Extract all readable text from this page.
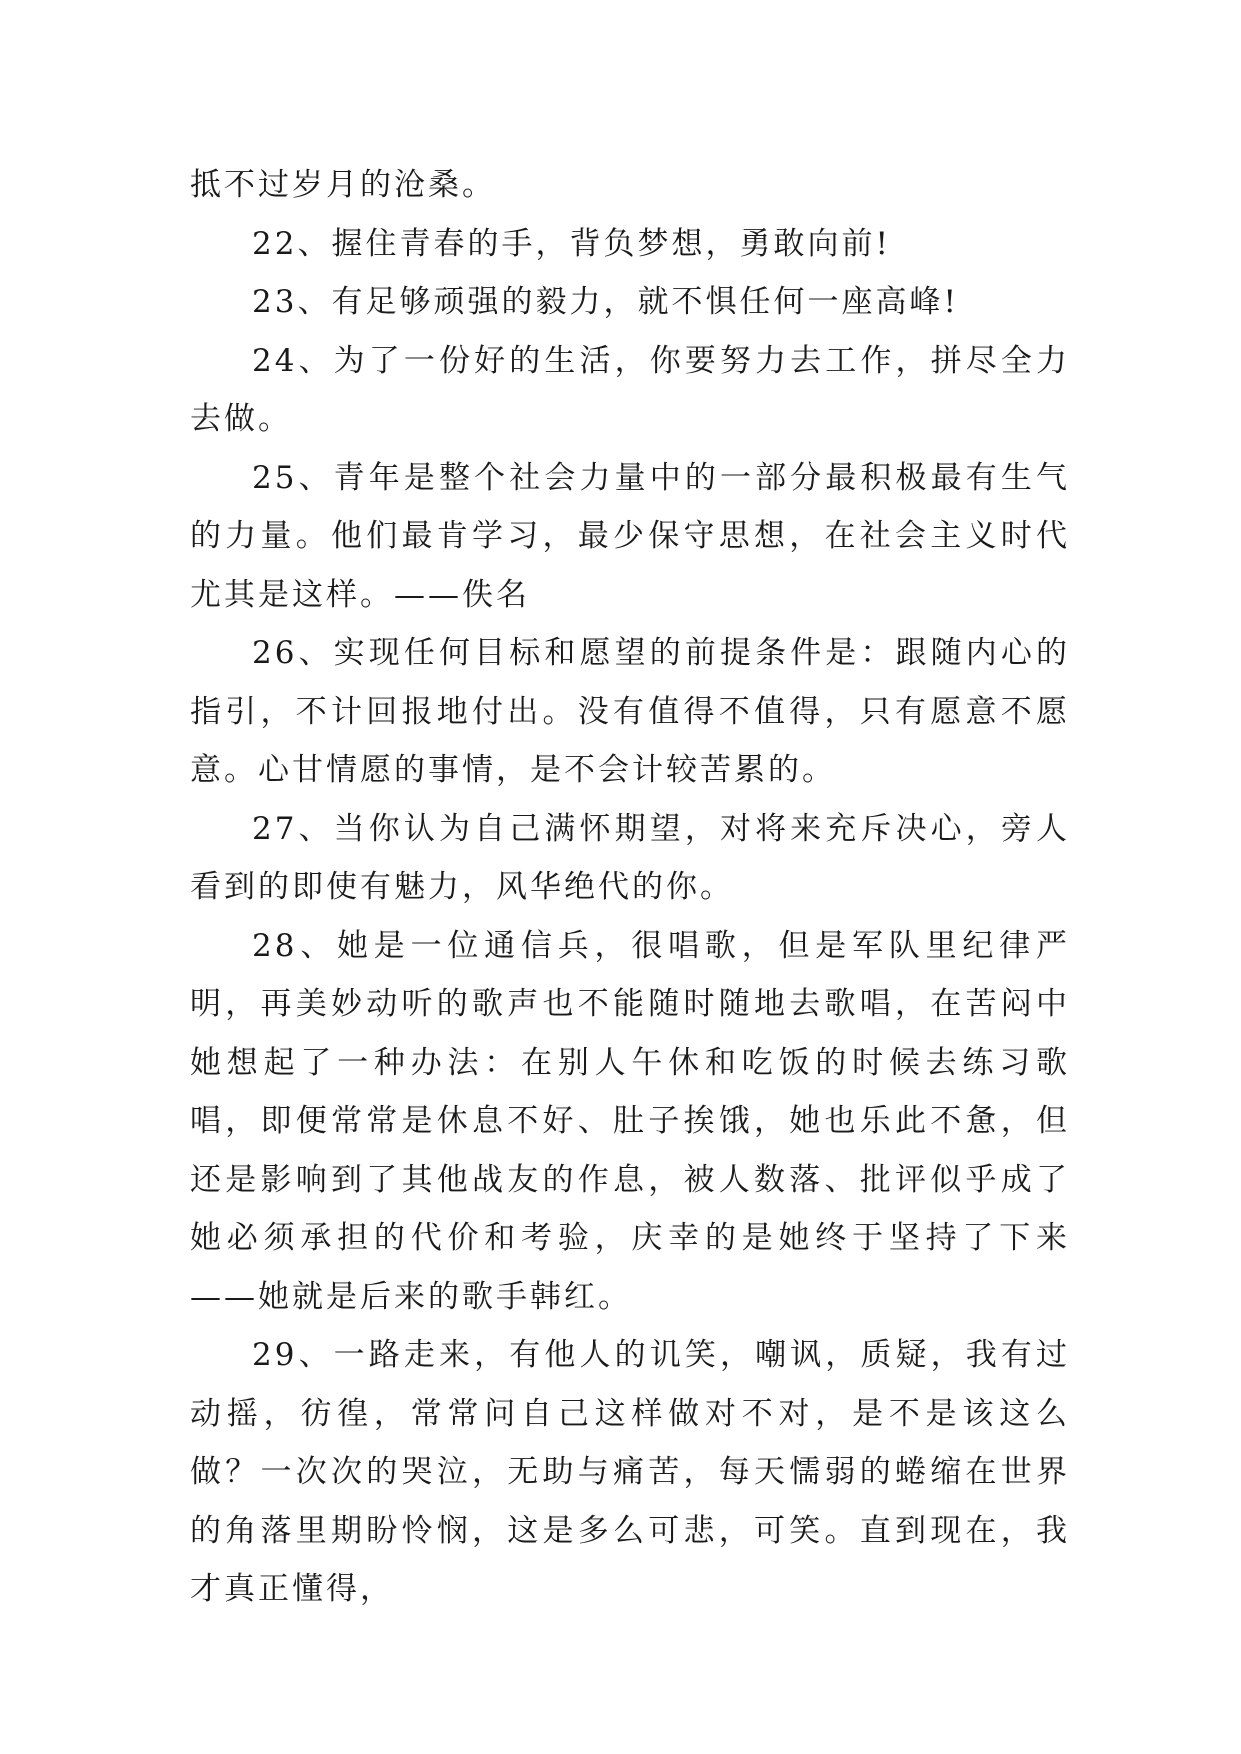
抵不过岁月的沧桑。

22、握住青春的手，背负梦想，勇敢向前!

23、有足够顽强的毅力，就不惧任何一座高峰!

24、为了一份好的生活，你要努力去工作，拼尽全力去做。

25、青年是整个社会力量中的一部分最积极最有生气的力量。他们最肯学习，最少保守思想，在社会主义时代尤其是这样。——佚名

26、实现任何目标和愿望的前提条件是：跟随内心的指引，不计回报地付出。没有值得不值得，只有愿意不愿意。心甘情愿的事情，是不会计较苦累的。

27、当你认为自己满怀期望，对将来充斥决心，旁人看到的即使有魅力，风华绝代的你。

28、她是一位通信兵，很唱歌，但是军队里纪律严明，再美妙动听的歌声也不能随时随地去歌唱，在苦闷中她想起了一种办法：在别人午休和吃饭的时候去练习歌唱，即便常常是休息不好、肚子挨饿，她也乐此不惫，但还是影响到了其他战友的作息，被人数落、批评似乎成了她必须承担的代价和考验，庆幸的是她终于坚持了下来——她就是后来的歌手韩红。

29、一路走来，有他人的讥笑，嘲讽，质疑，我有过动摇，彷徨，常常问自己这样做对不对，是不是该这么做？一次次的哭泣，无助与痛苦，每天懦弱的蜷缩在世界的角落里期盼怜悯，这是多么可悲，可笑。直到现在，我才真正懂得，
